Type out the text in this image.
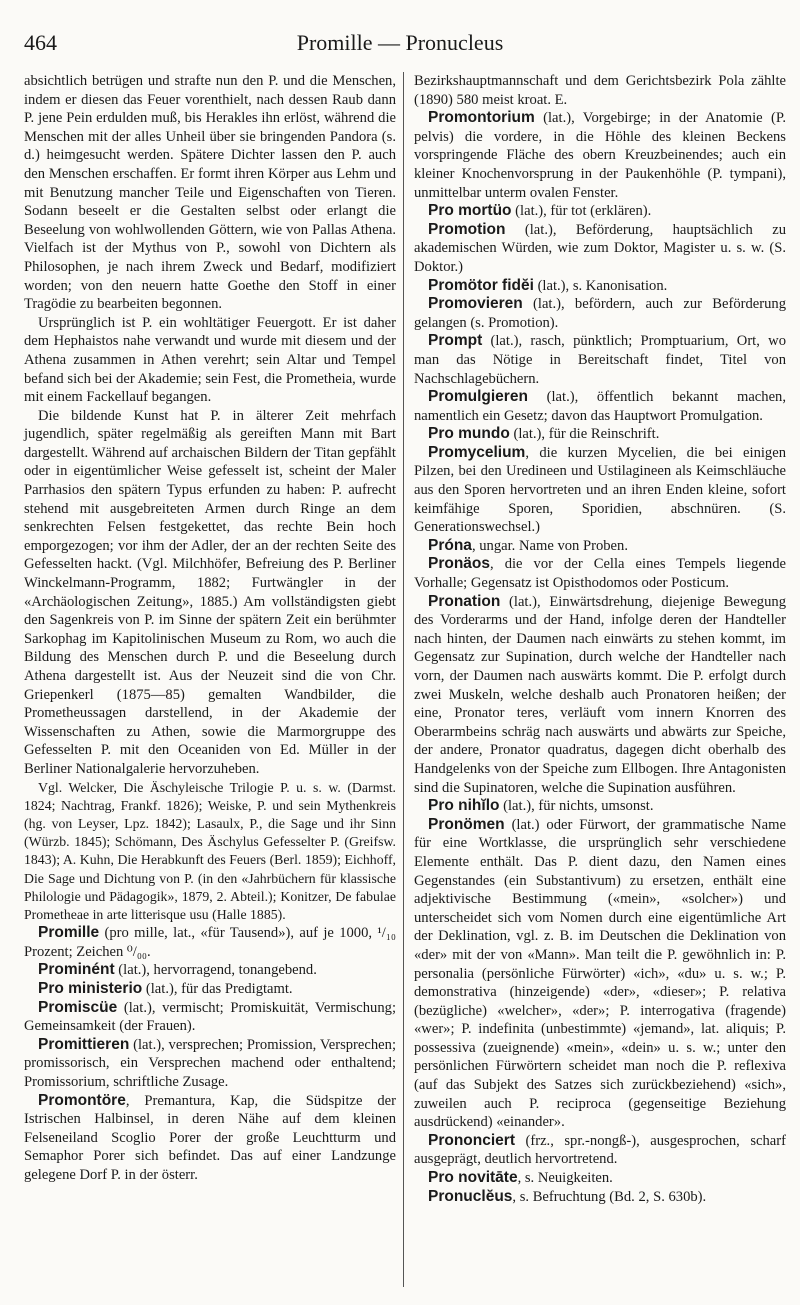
Promille — Pronucleus
464

absichtlich betrügen und strafte nun den P. und die Menschen, indem er diesen das Feuer vorenthielt, nach dessen Raub dann P. jene Pein erdulden muß, bis Herakles ihn erlöst, während die Menschen mit der alles Unheil über sie bringenden Pandora (s. d.) heimgesucht werden. Spätere Dichter lassen den P. auch den Menschen erschaffen. Er formt ihren Körper aus Lehm und mit Benutzung mancher Teile und Eigenschaften von Tieren. Sodann beseelt er die Gestalten selbst oder erlangt die Beseelung von wohlwollenden Göttern, wie von Pallas Athena. Vielfach ist der Mythus von P., sowohl von Dichtern als Philosophen, je nach ihrem Zweck und Bedarf, modifiziert worden; von den neuern hatte Goethe den Stoff in einer Tragödie zu bearbeiten begonnen.

Ursprünglich ist P. ein wohltätiger Feuergott. Er ist daher dem Hephaistos nahe verwandt und wurde mit diesem und der Athena zusammen in Athen verehrt; sein Altar und Tempel befand sich bei der Akademie; sein Fest, die Prometheia, wurde mit einem Fackellauf begangen.

Die bildende Kunst hat P. in älterer Zeit mehrfach jugendlich, später regelmäßig als gereiften Mann mit Bart dargestellt. Während auf archaischen Bildern der Titan gepfählt oder in eigentümlicher Weise gefesselt ist, scheint der Maler Parrhasios den spätern Typus erfunden zu haben: P. aufrecht stehend mit ausgebreiteten Armen durch Ringe an dem senkrechten Felsen festgekettet, das rechte Bein hoch emporgezogen; vor ihm der Adler, der an der rechten Seite des Gefesselten hackt. (Vgl. Milchhöfer, Befreiung des P. Berliner Winckelmann-Programm, 1882; Furtwängler in der «Archäologischen Zeitung», 1885.) Am vollständigsten giebt den Sagenkreis von P. im Sinne der spätern Zeit ein berühmter Sarkophag im Kapitolinischen Museum zu Rom, wo auch die Bildung des Menschen durch P. und die Beseelung durch Athena dargestellt ist. Aus der Neuzeit sind die von Chr. Griepenkerl (1875—85) gemalten Wandbilder, die Prometheussagen darstellend, in der Akademie der Wissenschaften zu Athen, sowie die Marmorgruppe des Gefesselten P. mit den Oceaniden von Ed. Müller in der Berliner Nationalgalerie hervorzuheben.

Vgl. Welcker, Die Äschyleische Trilogie P. u. s. w. (Darmst. 1824; Nachtrag, Frankf. 1826); Weiske, P. und sein Mythenkreis (hg. von Leyser, Lpz. 1842); Lasaulx, P., die Sage und ihr Sinn (Würzb. 1845); Schömann, Des Äschylus Gefesselter P. (Greifsw. 1843); A. Kuhn, Die Herabkunft des Feuers (Berl. 1859); Eichhoff, Die Sage und Dichtung von P. (in den «Jahrbüchern für klassische Philologie und Pädagogik», 1879, 2. Abteil.); Konitzer, De fabulae Prometheae in arte litterisque usu (Halle 1885).

Promille (pro mille, lat., «für Tausend»), auf je 1000, ¹/₁₀ Prozent; Zeichen ⁰/₀₀.

Prominént (lat.), hervorragend, tonangebend.

Pro ministerio (lat.), für das Predigtamt.

Promiscüe (lat.), vermischt; Promiskuität, Vermischung; Gemeinsamkeit (der Frauen).

Promittieren (lat.), versprechen; Promission, Versprechen; promissorisch, ein Versprechen machend oder enthaltend; Promissorium, schriftliche Zusage.

Promontöre, Premantura, Kap, die Südspitze der Istrischen Halbinsel, in deren Nähe auf dem kleinen Felseneiland Scoglio Porer der große Leuchtturm und Semaphor Porer sich befindet. Das auf einer Landzunge gelegene Dorf P. in der österr.

Bezirkshauptmannschaft und dem Gerichtsbezirk Pola zählte (1890) 580 meist kroat. E.

Promontorium (lat.), Vorgebirge; in der Anatomie (P. pelvis) die vordere, in die Höhle des kleinen Beckens vorspringende Fläche des obern Kreuzbeinendes; auch ein kleiner Knochenvorsprung in der Paukenhöhle (P. tympani), unmittelbar unterm ovalen Fenster.

Pro mortüo (lat.), für tot (erklären).

Promotion (lat.), Beförderung, hauptsächlich zu akademischen Würden, wie zum Doktor, Magister u. s. w. (S. Doktor.)

Promötor fidĕi (lat.), s. Kanonisation.

Promovieren (lat.), befördern, auch zur Beförderung gelangen (s. Promotion).

Prompt (lat.), rasch, pünktlich; Promptuarium, Ort, wo man das Nötige in Bereitschaft findet, Titel von Nachschlagebüchern.

Promulgieren (lat.), öffentlich bekannt machen, namentlich ein Gesetz; davon das Hauptwort Promulgation.

Pro mundo (lat.), für die Reinschrift.

Promycelium, die kurzen Mycelien, die bei einigen Pilzen, bei den Uredineen und Ustilagineen als Keimschläuche aus den Sporen hervortreten und an ihren Enden kleine, sofort keimfähige Sporen, Sporidien, abschnüren. (S. Generationswechsel.)

Próna, ungar. Name von Proben.

Pronäos, die vor der Cella eines Tempels liegende Vorhalle; Gegensatz ist Opisthodomos oder Posticum.

Pronation (lat.), Einwärtsdrehung, diejenige Bewegung des Vorderarms und der Hand, infolge deren der Handteller nach hinten, der Daumen nach einwärts zu stehen kommt, im Gegensatz zur Supination, durch welche der Handteller nach vorn, der Daumen nach auswärts kommt. Die P. erfolgt durch zwei Muskeln, welche deshalb auch Pronatoren heißen; der eine, Pronator teres, verläuft vom innern Knorren des Oberarmbeins schräg nach auswärts und abwärts zur Speiche, der andere, Pronator quadratus, dagegen dicht oberhalb des Handgelenks von der Speiche zum Ellbogen. Ihre Antagonisten sind die Supinatoren, welche die Supination ausführen.

Pro nihĭlo (lat.), für nichts, umsonst.

Pronömen (lat.) oder Fürwort, der grammatische Name für eine Wortklasse, die ursprünglich sehr verschiedene Elemente enthält. Das P. dient dazu, den Namen eines Gegenstandes (ein Substantivum) zu ersetzen, enthält eine adjektivische Bestimmung («mein», «solcher») und unterscheidet sich vom Nomen durch eine eigentümliche Art der Deklination, vgl. z. B. im Deutschen die Deklination von «der» mit der von «Mann». Man teilt die P. gewöhnlich in: P. personalia (persönliche Fürwörter) «ich», «du» u. s. w.; P. demonstrativa (hinzeigende) «der», «dieser»; P. relativa (bezügliche) «welcher», «der»; P. interrogativa (fragende) «wer»; P. indefinita (unbestimmte) «jemand», lat. aliquis; P. possessiva (zueignende) «mein», «dein» u. s. w.; unter den persönlichen Fürwörtern scheidet man noch die P. reflexiva (auf das Subjekt des Satzes sich zurückbeziehend) «sich», zuweilen auch P. reciproca (gegenseitige Beziehung ausdrückend) «einander».

Prononciert (frz., spr.-nongß-), ausgesprochen, scharf ausgeprägt, deutlich hervortretend.

Pro novitāte, s. Neuigkeiten.

Pronuclĕus, s. Befruchtung (Bd. 2, S. 630b).
